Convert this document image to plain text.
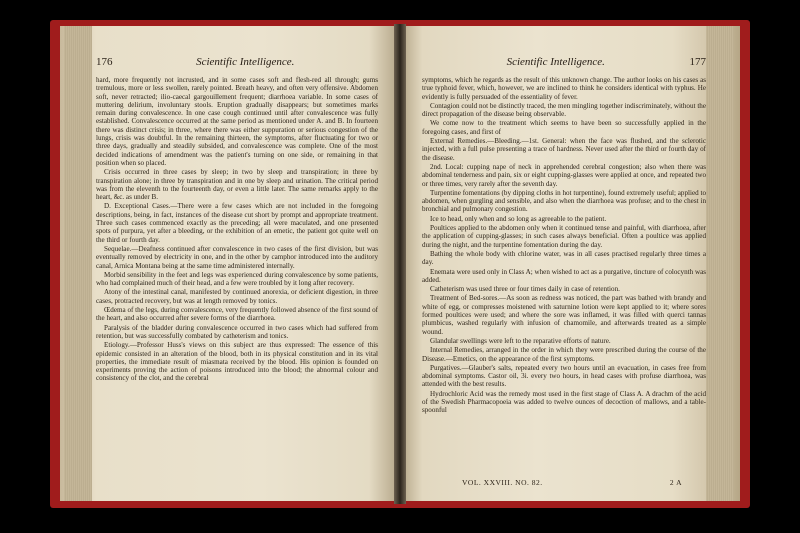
176	Scientific Intelligence.

hard, more frequently not incrusted, and in some cases soft and flesh-red all through; gums tremulous, more or less swollen, rarely pointed. Breath heavy, and often very offensive. Abdomen soft, never retracted; ilio-caecal gargouillement frequent; diarrhoea variable. In some cases of muttering delirium, involuntary stools. Eruption gradually disappears; but sometimes marks remain during convalescence. In one case cough continued until after convalescence was fully established. Convalescence occurred at the same period as mentioned under A. and B. In fourteen there was distinct crisis; in three, where there was either suppuration or serious congestion of the lungs, crisis was doubtful. In the remaining thirteen, the symptoms, after fluctuating for two or three days, gradually and steadily subsided, and convalescence was complete. One of the most decided indications of amendment was the patient's turning on one side, or remaining in that position when so placed.

Crisis occurred in three cases by sleep; in two by sleep and transpiration; in three by transpiration alone; in three by transpiration and in one by sleep and urination. The critical period was from the eleventh to the fourteenth day, or even a little later. The same remarks apply to the heart, &c. as under B.

D. Exceptional Cases.—There were a few cases which are not included in the foregoing descriptions, being, in fact, instances of the disease cut short by prompt and appropriate treatment. Three such cases commenced exactly as the preceding; all were maculated, and one presented spots of purpura, yet after a bleeding, or the exhibition of an emetic, the patient got quite well on the third or fourth day.

Sequelae.—Deafness continued after convalescence in two cases of the first division, but was eventually removed by electricity in one, and in the other by camphor introduced into the auditory canal, Arnica Montana being at the same time administered internally.

Morbid sensibility in the feet and legs was experienced during convalescence by some patients, who had complained much of their head, and a few were troubled by it long after recovery.

Atony of the intestinal canal, manifested by continued anorexia, or deficient digestion, in three cases, protracted recovery, but was at length removed by tonics.

Œdema of the legs, during convalescence, very frequently followed absence of the first sound of the heart, and also occurred after severe forms of the diarrhoea.

Paralysis of the bladder during convalescence occurred in two cases which had suffered from retention, but was successfully combated by catheterism and tonics.

Etiology.—Professor Huss's views on this subject are thus expressed: The essence of this epidemic consisted in an alteration of the blood, both in its physical constitution and in its vital properties, the immediate result of miasmata received by the blood. His opinion is founded on experiments proving the action of poisons introduced into the blood; the abnormal colour and consistency of the clot, and the cerebral

Scientific Intelligence.	177

symptoms, which he regards as the result of this unknown change. The author looks on his cases as true typhoid fever, which, however, we are inclined to think he considers identical with typhus. He evidently is fully persuaded of the essentiality of fever.

Contagion could not be distinctly traced, the men mingling together indiscriminately, without the direct propagation of the disease being observable.

We come now to the treatment which seems to have been so successfully applied in the foregoing cases, and first of

External Remedies.—Bleeding.—1st. General: when the face was flushed, and the sclerotic injected, with a full pulse presenting a trace of hardness. Never used after the third or fourth day of the disease.

2nd. Local: cupping nape of neck in apprehended cerebral congestion; also when there was abdominal tenderness and pain, six or eight cupping-glasses were applied at once, and repeated two or three times, very rarely after the seventh day.

Turpentine fomentations (by dipping cloths in hot turpentine), found extremely useful; applied to abdomen, when gurgling and sensible, and also when the diarrhoea was profuse; and to the chest in bronchial and pulmonary congestion.

Ice to head, only when and so long as agreeable to the patient.

Poultices applied to the abdomen only when it continued tense and painful, with diarrhoea, after the application of cupping-glasses; in such cases always beneficial. Often a poultice was applied during the night, and the turpentine fomentation during the day.

Bathing the whole body with chlorine water, was in all cases practised regularly three times a day.

Enemata were used only in Class A; when wished to act as a purgative, tincture of colocynth was added.

Catheterism was used three or four times daily in case of retention.

Treatment of Bed-sores.—As soon as redness was noticed, the part was bathed with brandy and white of egg, or compresses moistened with saturnine lotion were kept applied to it; where sores formed poultices were used; and where the sore was inflamed, it was filled with querci tannas plumbicus, washed regularly with infusion of chamomile, and afterwards treated as a simple wound.

Glandular swellings were left to the reparative efforts of nature.

Internal Remedies, arranged in the order in which they were prescribed during the course of the Disease.—Emetics, on the appearance of the first symptoms.

Purgatives.—Glauber's salts, repeated every two hours until an evacuation, in cases free from abdominal symptoms. Castor oil, 3i. every two hours, in head cases with profuse diarrhoea, was attended with the best results.

Hydrochloric Acid was the remedy most used in the first stage of Class A. A drachm of the acid of the Swedish Pharmacopoeia was added to twelve ounces of decoction of mallows, and a table-spoonful

VOL. XXVIII. NO. 82.	2 A
